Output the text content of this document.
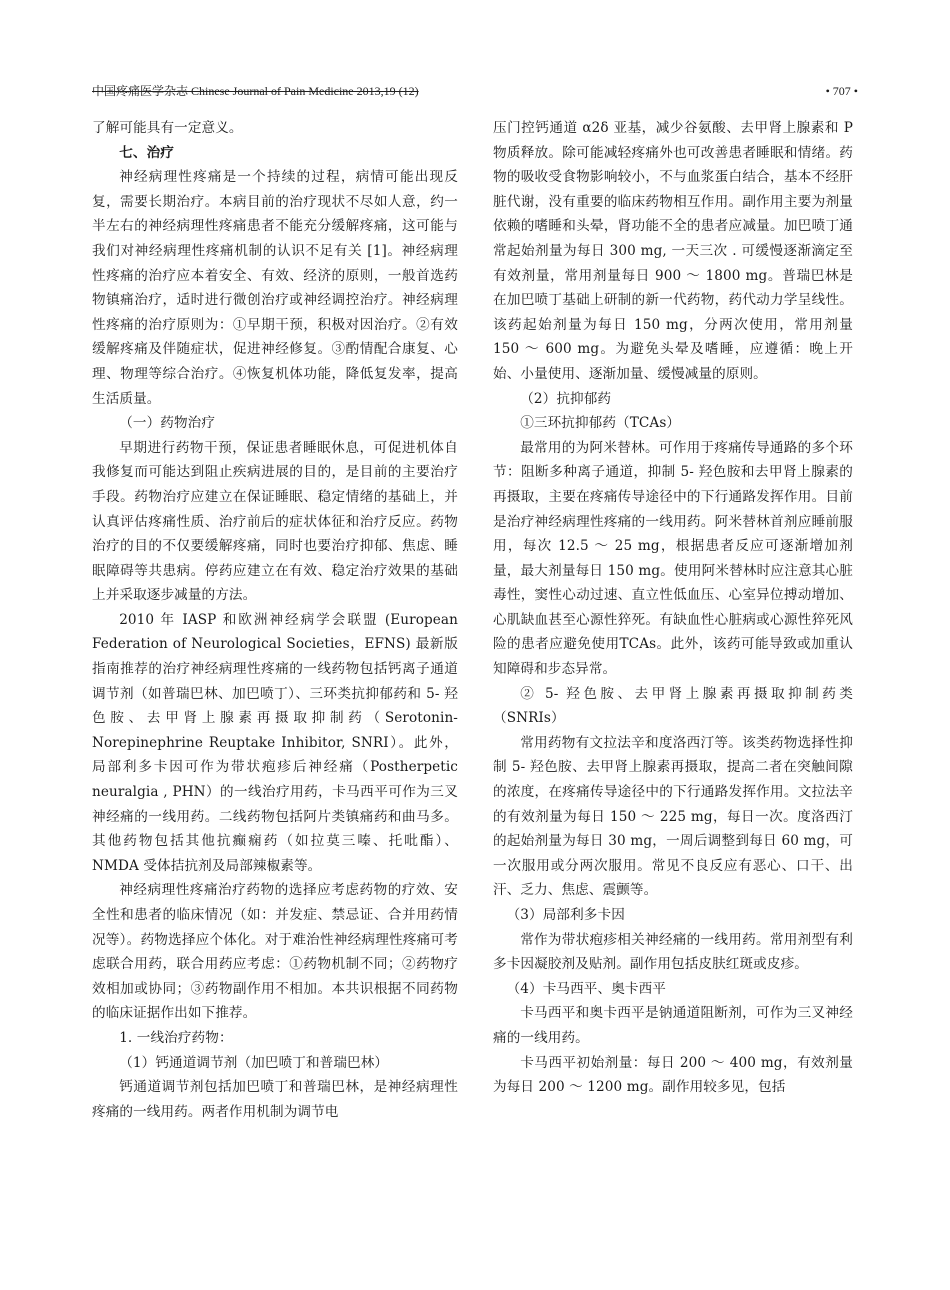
中国疼痛医学杂志 Chinese Journal of Pain Medicine 2013,19 (12)	• 707 •

了解可能具有一定意义。

七、治疗

神经病理性疼痛是一个持续的过程，病情可能出现反复，需要长期治疗。本病目前的治疗现状不尽如人意，约一半左右的神经病理性疼痛患者不能充分缓解疼痛，这可能与我们对神经病理性疼痛机制的认识不足有关 [1]。神经病理性疼痛的治疗应本着安全、有效、经济的原则，一般首选药物镇痛治疗，适时进行微创治疗或神经调控治疗。神经病理性疼痛的治疗原则为：①早期干预，积极对因治疗。②有效缓解疼痛及伴随症状，促进神经修复。③酌情配合康复、心理、物理等综合治疗。④恢复机体功能，降低复发率，提高生活质量。

（一）药物治疗

早期进行药物干预，保证患者睡眠休息，可促进机体自我修复而可能达到阻止疾病进展的目的，是目前的主要治疗手段。药物治疗应建立在保证睡眠、稳定情绪的基础上，并认真评估疼痛性质、治疗前后的症状体征和治疗反应。药物治疗的目的不仅要缓解疼痛，同时也要治疗抑郁、焦虑、睡眠障碍等共患病。停药应建立在有效、稳定治疗效果的基础上并采取逐步减量的方法。

2010 年 IASP 和欧洲神经病学会联盟 (European Federation of Neurological Societies，EFNS) 最新版指南推荐的治疗神经病理性疼痛的一线药物包括钙离子通道调节剂（如普瑞巴林、加巴喷丁）、三环类抗抑郁药和 5- 羟色胺、去甲肾上腺素再摄取抑制药（Serotonin-Norepinephrine Reuptake Inhibitor, SNRI）。此外，局部利多卡因可作为带状疱疹后神经痛（Postherpetic neuralgia , PHN）的一线治疗用药，卡马西平可作为三叉神经痛的一线用药。二线药物包括阿片类镇痛药和曲马多。其他药物包括其他抗癫痫药（如拉莫三嗪、托吡酯）、NMDA 受体拮抗剂及局部辣椒素等。

神经病理性疼痛治疗药物的选择应考虑药物的疗效、安全性和患者的临床情况（如：并发症、禁忌证、合并用药情况等）。药物选择应个体化。对于难治性神经病理性疼痛可考虑联合用药，联合用药应考虑：①药物机制不同；②药物疗效相加或协同；③药物副作用不相加。本共识根据不同药物的临床证据作出如下推荐。

1. 一线治疗药物：

（1）钙通道调节剂（加巴喷丁和普瑞巴林）

钙通道调节剂包括加巴喷丁和普瑞巴林，是神经病理性疼痛的一线用药。两者作用机制为调节电

压门控钙通道 α2δ 亚基，减少谷氨酸、去甲肾上腺素和 P 物质释放。除可能减轻疼痛外也可改善患者睡眠和情绪。药物的吸收受食物影响较小，不与血浆蛋白结合，基本不经肝脏代谢，没有重要的临床药物相互作用。副作用主要为剂量依赖的嗜睡和头晕，肾功能不全的患者应减量。加巴喷丁通常起始剂量为每日 300 mg, 一天三次 . 可缓慢逐渐滴定至有效剂量，常用剂量每日 900 ～ 1800 mg。普瑞巴林是在加巴喷丁基础上研制的新一代药物，药代动力学呈线性。该药起始剂量为每日 150 mg，分两次使用，常用剂量 150 ～ 600 mg。为避免头晕及嗜睡，应遵循：晚上开始、小量使用、逐渐加量、缓慢减量的原则。

（2）抗抑郁药

①三环抗抑郁药（TCAs）

最常用的为阿米替林。可作用于疼痛传导通路的多个环节：阻断多种离子通道，抑制 5- 羟色胺和去甲肾上腺素的再摄取，主要在疼痛传导途径中的下行通路发挥作用。目前是治疗神经病理性疼痛的一线用药。阿米替林首剂应睡前服用，每次 12.5 ～ 25 mg，根据患者反应可逐渐增加剂量，最大剂量每日 150 mg。使用阿米替林时应注意其心脏毒性，窦性心动过速、直立性低血压、心室异位搏动增加、心肌缺血甚至心源性猝死。有缺血性心脏病或心源性猝死风险的患者应避免使用TCAs。此外，该药可能导致或加重认知障碍和步态异常。

② 5- 羟色胺、去甲肾上腺素再摄取抑制药类（SNRIs）

常用药物有文拉法辛和度洛西汀等。该类药物选择性抑制 5- 羟色胺、去甲肾上腺素再摄取，提高二者在突触间隙的浓度，在疼痛传导途径中的下行通路发挥作用。文拉法辛的有效剂量为每日 150 ～ 225 mg，每日一次。度洛西汀的起始剂量为每日 30 mg，一周后调整到每日 60 mg，可一次服用或分两次服用。常见不良反应有恶心、口干、出汗、乏力、焦虑、震颤等。

（3）局部利多卡因

常作为带状疱疹相关神经痛的一线用药。常用剂型有利多卡因凝胶剂及贴剂。副作用包括皮肤红斑或皮疹。

（4）卡马西平、奥卡西平

卡马西平和奥卡西平是钠通道阻断剂，可作为三叉神经痛的一线用药。

卡马西平初始剂量：每日 200 ～ 400 mg，有效剂量为每日 200 ～ 1200 mg。副作用较多见，包括
